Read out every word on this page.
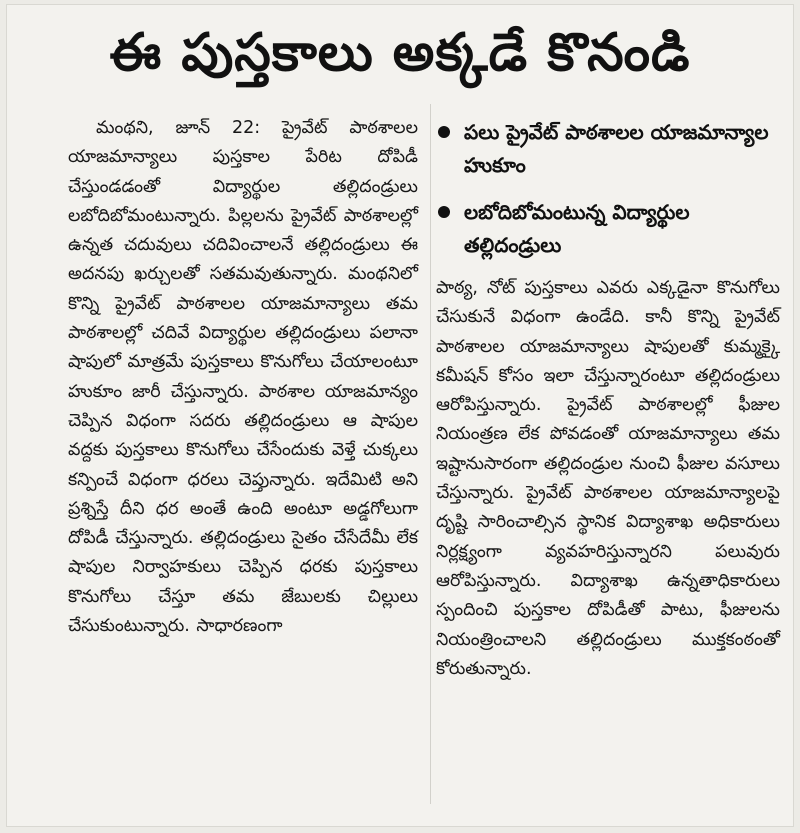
ఈ పుస్తకాలు అక్కడే కొనండి

మంథని, జూన్ 22: ప్రైవేట్ పాఠశాలల యాజమాన్యాలు పుస్తకాల పేరిట దోపిడీ చేస్తుండడంతో విద్యార్థుల తల్లిదండ్రులు లబోదిబోమంటున్నారు. పిల్లలను ప్రైవేట్ పాఠశాలల్లో ఉన్నత చదువులు చదివించాలనే తల్లిదండ్రులు ఈ అదనపు ఖర్చులతో సతమవుతున్నారు. మంథనిలో కొన్ని ప్రైవేట్ పాఠశాలల యాజమాన్యాలు తమ పాఠశాలల్లో చదివే విద్యార్థుల తల్లిదండ్రులు పలానా షాపులో మాత్రమే పుస్తకాలు కొనుగోలు చేయాలంటూ హుకూం జారీ చేస్తున్నారు. పాఠశాల యాజమాన్యం చెప్పిన విధంగా సదరు తల్లిదండ్రులు ఆ షాపుల వద్దకు పుస్తకాలు కొనుగోలు చేసేందుకు వెళ్తే చుక్కలు కన్పించే విధంగా ధరలు చెప్తున్నారు. ఇదేమిటి అని ప్రశ్నిస్తే దీని ధర అంతే ఉంది అంటూ అడ్డగోలుగా దోపిడీ చేస్తున్నారు. తల్లిదండ్రులు సైతం చేసేదేమీ లేక షాపుల నిర్వాహకులు చెప్పిన ధరకు పుస్తకాలు కొనుగోలు చేస్తూ తమ జేబులకు చిల్లులు చేసుకుంటున్నారు. సాధారణంగా

పలు ప్రైవేట్ పాఠశాలల యాజమాన్యాల హుకూం
లబోదిబోమంటున్న విద్యార్థుల తల్లిదండ్రులు

పాఠ్య, నోట్ పుస్తకాలు ఎవరు ఎక్కడైనా కొనుగోలు చేసుకునే విధంగా ఉండేది. కానీ కొన్ని ప్రైవేట్ పాఠశాలల యాజమాన్యాలు షాపులతో కుమ్మక్కై కమీషన్ కోసం ఇలా చేస్తున్నారంటూ తల్లిదండ్రులు ఆరోపిస్తున్నారు. ప్రైవేట్ పాఠశాలల్లో ఫీజుల నియంత్రణ లేక పోవడంతో యాజమాన్యాలు తమ ఇష్టానుసారంగా తల్లిదండ్రుల నుంచి ఫీజుల వసూలు చేస్తున్నారు. ప్రైవేట్ పాఠశాలల యాజమాన్యాలపై దృష్టి సారించాల్సిన స్థానిక విద్యాశాఖ అధికారులు నిర్లక్ష్యంగా వ్యవహరిస్తున్నారని పలువురు ఆరోపిస్తున్నారు. విద్యాశాఖ ఉన్నతాధికారులు స్పందించి పుస్తకాల దోపిడీతో పాటు, ఫీజులను నియంత్రించాలని తల్లిదండ్రులు ముక్తకంఠంతో కోరుతున్నారు.
